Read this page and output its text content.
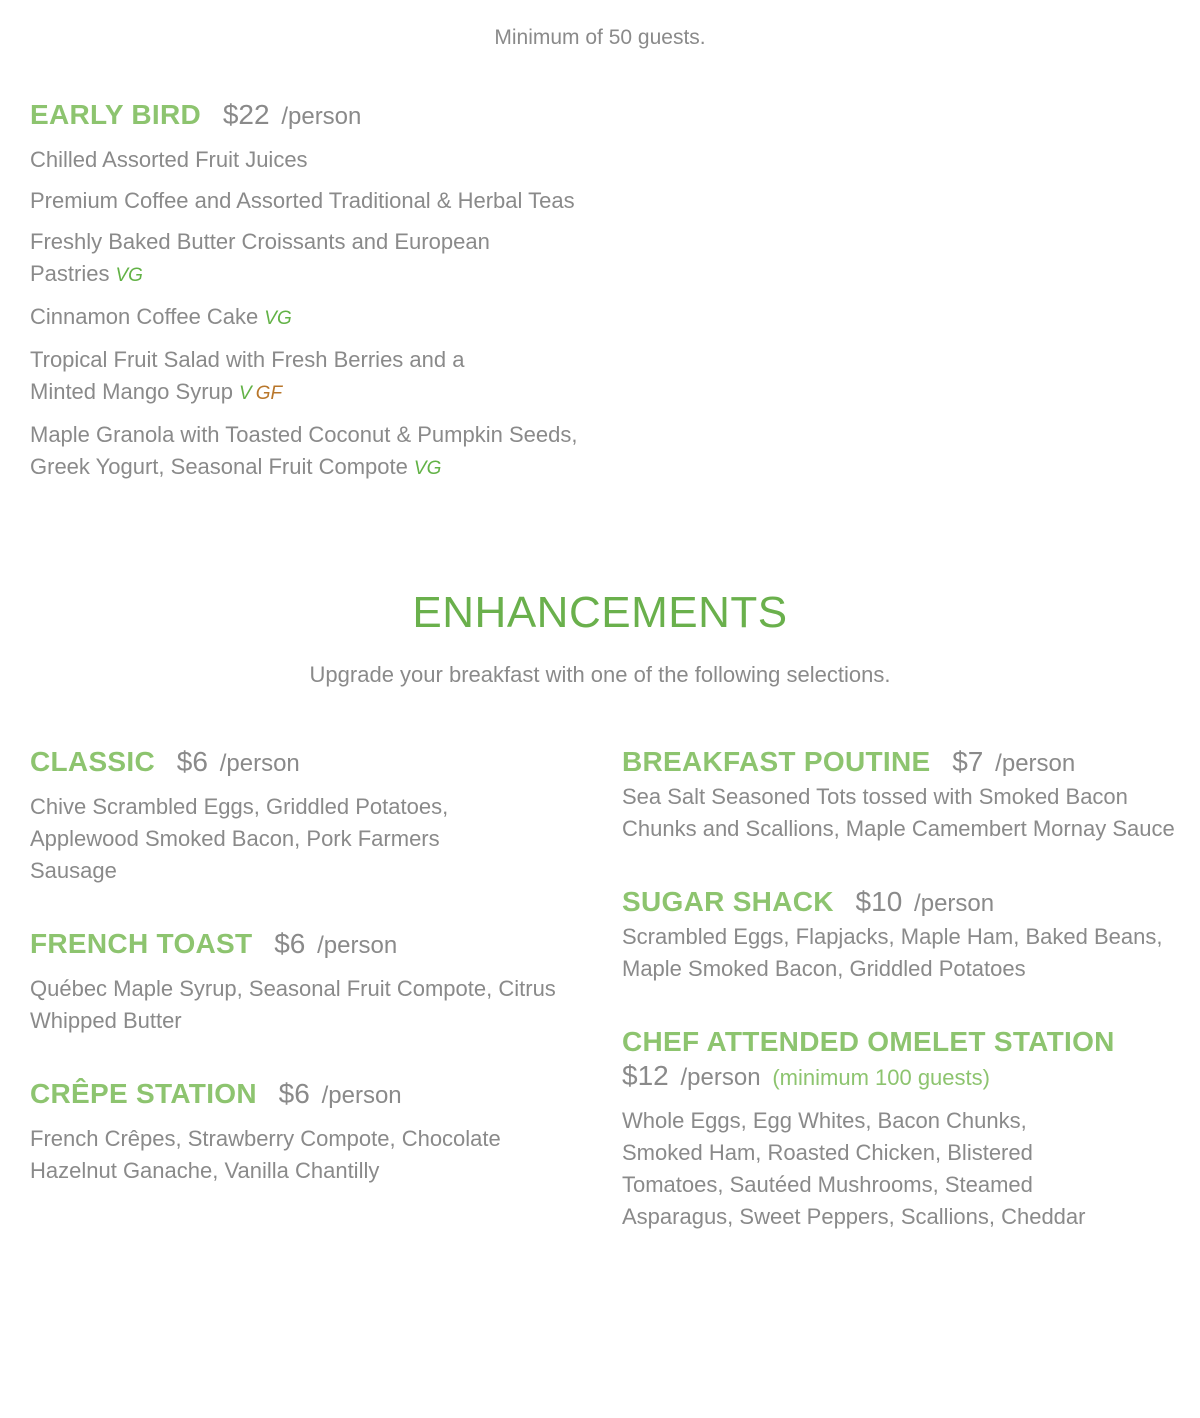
Minimum of 50 guests.
EARLY BIRD $22 /person
Chilled Assorted Fruit Juices
Premium Coffee and Assorted Traditional & Herbal Teas
Freshly Baked Butter Croissants and European Pastries VG
Cinnamon Coffee Cake VG
Tropical Fruit Salad with Fresh Berries and a Minted Mango Syrup V GF
Maple Granola with Toasted Coconut & Pumpkin Seeds, Greek Yogurt, Seasonal Fruit Compote VG
ENHANCEMENTS
Upgrade your breakfast with one of the following selections.
CLASSIC $6 /person
Chive Scrambled Eggs, Griddled Potatoes, Applewood Smoked Bacon, Pork Farmers Sausage
FRENCH TOAST $6 /person
Québec Maple Syrup, Seasonal Fruit Compote, Citrus Whipped Butter
CRÊPE STATION $6 /person
French Crêpes, Strawberry Compote, Chocolate Hazelnut Ganache, Vanilla Chantilly
BREAKFAST POUTINE $7 /person
Sea Salt Seasoned Tots tossed with Smoked Bacon Chunks and Scallions, Maple Camembert Mornay Sauce
SUGAR SHACK $10 /person
Scrambled Eggs, Flapjacks, Maple Ham, Baked Beans, Maple Smoked Bacon, Griddled Potatoes
CHEF ATTENDED OMELET STATION
$12 /person (minimum 100 guests)
Whole Eggs, Egg Whites, Bacon Chunks, Smoked Ham, Roasted Chicken, Blistered Tomatoes, Sautéed Mushrooms, Steamed Asparagus, Sweet Peppers, Scallions, Cheddar
